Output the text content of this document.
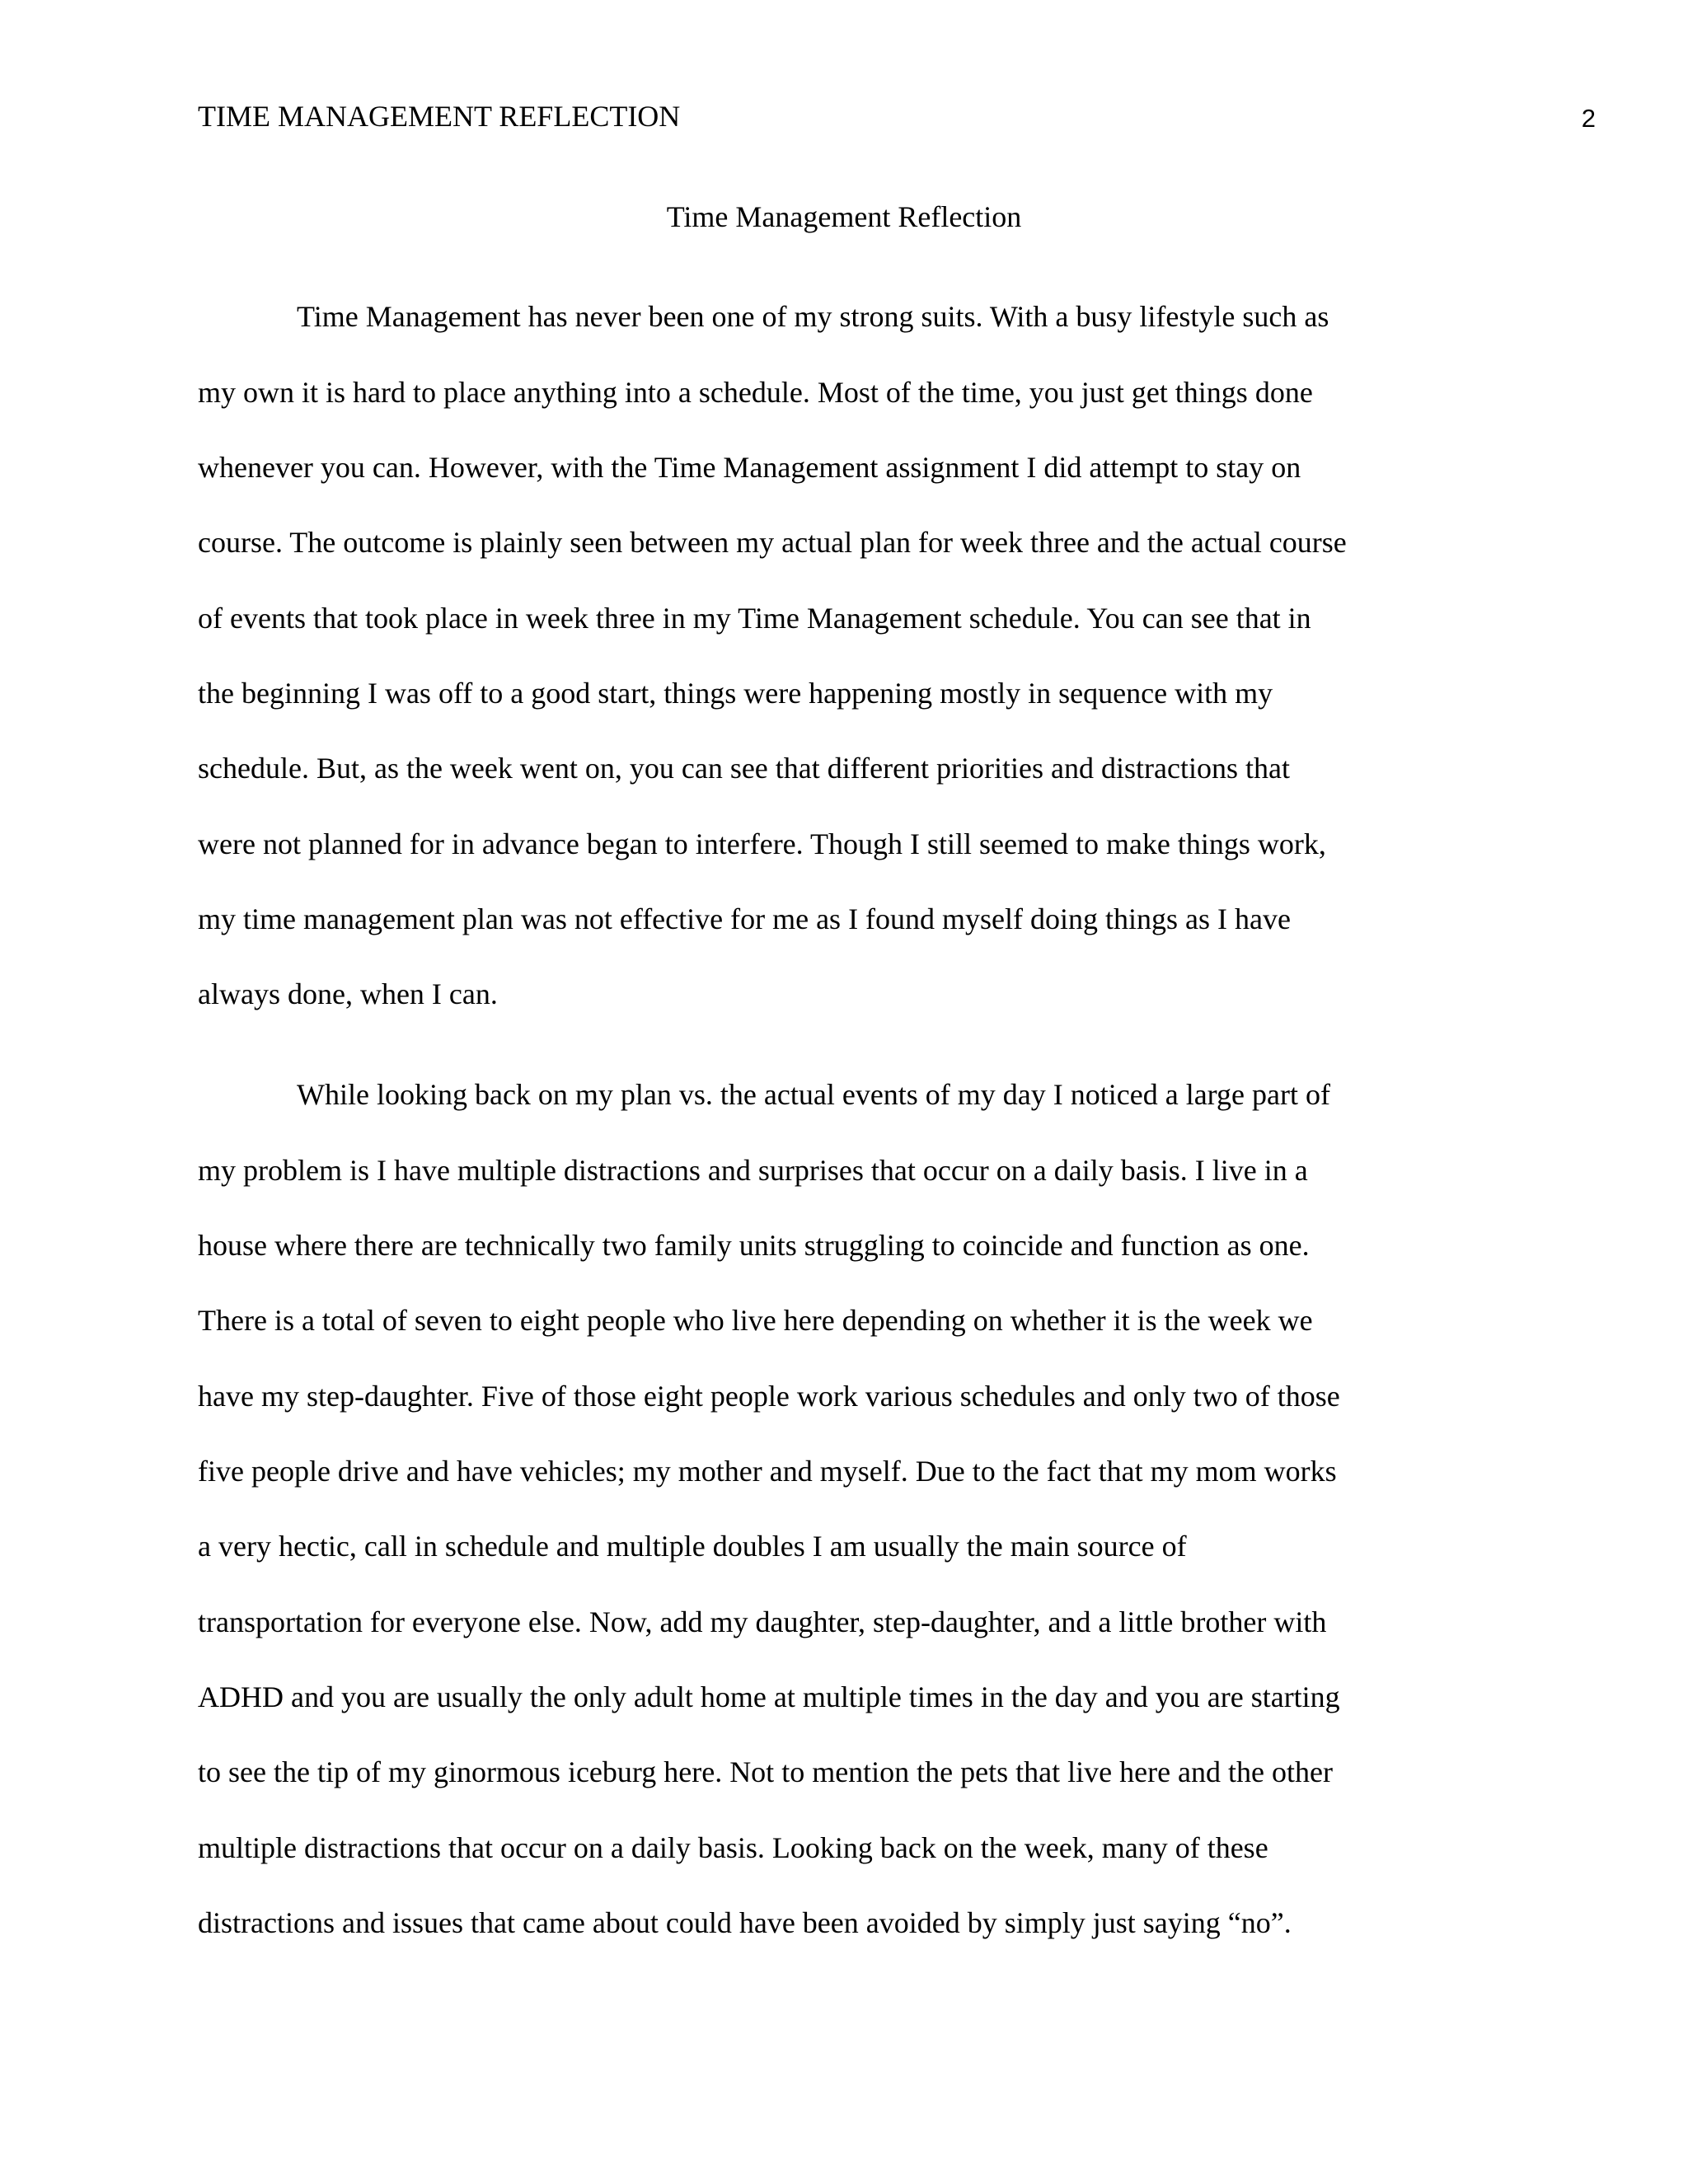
TIME MANAGEMENT REFLECTION	2
Time Management Reflection
Time Management has never been one of my strong suits. With a busy lifestyle such as
my own it is hard to place anything into a schedule. Most of the time, you just get things done
whenever you can. However, with the Time Management assignment I did attempt to stay on
course. The outcome is plainly seen between my actual plan for week three and the actual course
of events that took place in week three in my Time Management schedule. You can see that in
the beginning I was off to a good start, things were happening mostly in sequence with my
schedule. But, as the week went on, you can see that different priorities and distractions that
were not planned for in advance began to interfere. Though I still seemed to make things work,
my time management plan was not effective for me as I found myself doing things as I have
always done, when I can.
While looking back on my plan vs. the actual events of my day I noticed a large part of
my problem is I have multiple distractions and surprises that occur on a daily basis. I live in a
house where there are technically two family units struggling to coincide and function as one.
There is a total of seven to eight people who live here depending on whether it is the week we
have my step-daughter. Five of those eight people work various schedules and only two of those
five people drive and have vehicles; my mother and myself. Due to the fact that my mom works
a very hectic, call in schedule and multiple doubles I am usually the main source of
transportation for everyone else. Now, add my daughter, step-daughter, and a little brother with
ADHD and you are usually the only adult home at multiple times in the day and you are starting
to see the tip of my ginormous iceburg here. Not to mention the pets that live here and the other
multiple distractions that occur on a daily basis. Looking back on the week, many of these
distractions and issues that came about could have been avoided by simply just saying “no”.
